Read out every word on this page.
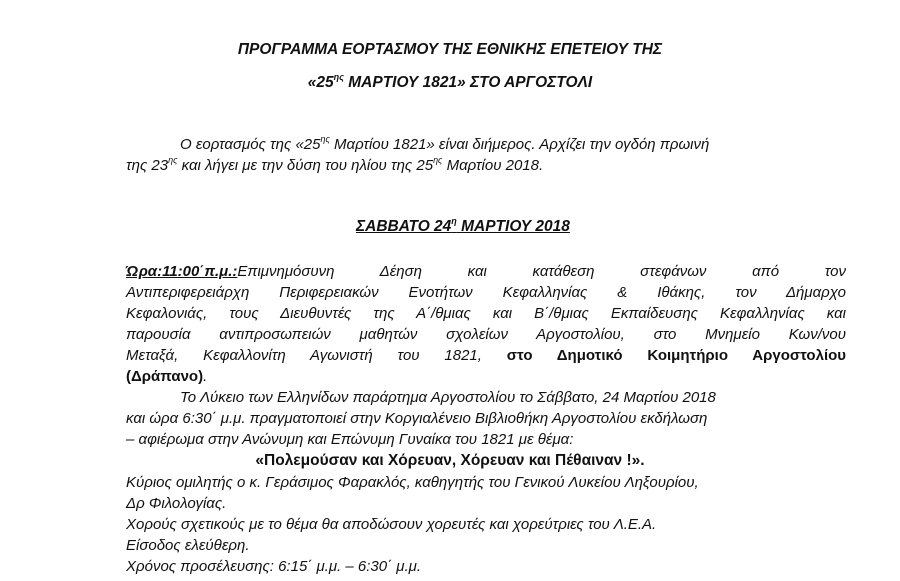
ΠΡΟΓΡΑΜΜΑ ΕΟΡΤΑΣΜΟΥ ΤΗΣ ΕΘΝΙΚΗΣ ΕΠΕΤΕΙΟΥ ΤΗΣ
«$25^{\eta\varsigma}$ ΜΑΡΤΙΟΥ 1821» ΣΤΟ ΑΡΓΟΣΤΟΛΙ
Ο εορτασμός της «$25^{\eta\varsigma}$ Μαρτίου 1821» είναι διήμερος. Αρχίζει την ογδόη πρωινή
της $23^{\eta\varsigma}$ και λήγει με την δύση του ηλίου της $25^{\eta\varsigma}$ Μαρτίου 2018.
ΣΑΒΒΑΤΟ $24^\eta$ ΜΑΡΤΙΟΥ 2018
Ώρα:11:00΄π.μ.:Επιμνημόσυνη Δέηση και κατάθεση στεφάνων από τον
Αντιπεριφερειάρχη Περιφερειακών Ενοτήτων Κεφαλληνίας & Ιθάκης, τον Δήμαρχο
Κεφαλονιάς, τους Διευθυντές της Α΄/θμιας και Β΄/θμιας Εκπαίδευσης Κεφαλληνίας και
παρουσία αντιπροσωπειών μαθητών σχολείων Αργοστολίου, στο Μνημείο Κων/νου
Μεταξά, Κεφαλλονίτη Αγωνιστή του 1821, στο Δημοτικό Κοιμητήριο Αργοστολίου
(Δράπανο).
Το Λύκειο των Ελληνίδων παράρτημα Αργοστολίου το Σάββατο, 24 Μαρτίου 2018
και ώρα 6:30΄ μ.μ. πραγματοποιεί στην Κοργιαλένειο Βιβλιοθήκη Αργοστολίου εκδήλωση
– αφιέρωμα στην Ανώνυμη και Επώνυμη Γυναίκα του 1821 με θέμα:
«Πολεμούσαν και Χόρευαν, Χόρευαν και Πέθαιναν !».
Κύριος ομιλητής ο κ. Γεράσιμος Φαρακλός, καθηγητής του Γενικού Λυκείου Ληξουρίου,
Δρ Φιλολογίας.
Χορούς σχετικούς με το θέμα θα αποδώσουν χορευτές και χορεύτριες του Λ.Ε.Α.
Είσοδος ελεύθερη.
Χρόνος προσέλευσης: 6:15΄ μ.μ. – 6:30΄ μ.μ.
